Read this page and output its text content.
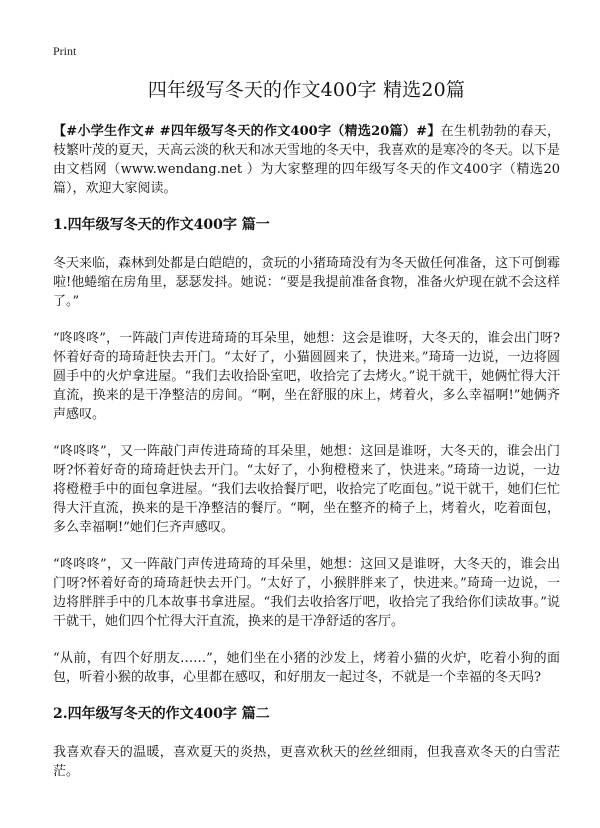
Print
四年级写冬天的作文400字 精选20篇

【#小学生作文# #四年级写冬天的作文400字（精选20篇）#】在生机勃勃的春天，枝繁叶茂的夏天，天高云淡的秋天和冰天雪地的冬天中，我喜欢的是寒冷的冬天。以下是由文档网（www.wendang.net ）为大家整理的四年级写冬天的作文400字（精选20篇），欢迎大家阅读。

1.四年级写冬天的作文400字 篇一

冬天来临，森林到处都是白皑皑的，贪玩的小猪琦琦没有为冬天做任何准备，这下可倒霉啦!他蜷缩在房角里，瑟瑟发抖。她说：“要是我提前准备食物，准备火炉现在就不会这样了。”

“咚咚咚”，一阵敲门声传进琦琦的耳朵里，她想：这会是谁呀，大冬天的，谁会出门呀?怀着好奇的琦琦赶快去开门。“太好了，小猫圆圆来了，快进来。”琦琦一边说，一边将圆圆手中的火炉拿进屋。“我们去收拾卧室吧，收拾完了去烤火。”说干就干，她俩忙得大汗直流，换来的是干净整洁的房间。“啊，坐在舒服的床上，烤着火，多么幸福啊!”她俩齐声感叹。

“咚咚咚”，又一阵敲门声传进琦琦的耳朵里，她想：这回是谁呀，大冬天的，谁会出门呀?怀着好奇的琦琦赶快去开门。“太好了，小狗橙橙来了，快进来。”琦琦一边说，一边将橙橙手中的面包拿进屋。“我们去收拾餐厅吧，收拾完了吃面包。”说干就干，她们仨忙得大汗直流，换来的是干净整洁的餐厅。“啊，坐在整齐的椅子上，烤着火，吃着面包，多么幸福啊!”她们仨齐声感叹。

“咚咚咚”，又一阵敲门声传进琦琦的耳朵里，她想：这回又是谁呀，大冬天的，谁会出门呀?怀着好奇的琦琦赶快去开门。“太好了，小猴胖胖来了，快进来。”琦琦一边说，一边将胖胖手中的几本故事书拿进屋。“我们去收拾客厅吧，收拾完了我给你们读故事。”说干就干，她们四个忙得大汗直流，换来的是干净舒适的客厅。

“从前，有四个好朋友……”，她们坐在小猪的沙发上，烤着小猫的火炉，吃着小狗的面包，听着小猴的故事，心里都在感叹，和好朋友一起过冬，不就是一个幸福的冬天吗?

2.四年级写冬天的作文400字 篇二

我喜欢春天的温暖，喜欢夏天的炎热，更喜欢秋天的丝丝细雨，但我喜欢冬天的白雪茫茫。
